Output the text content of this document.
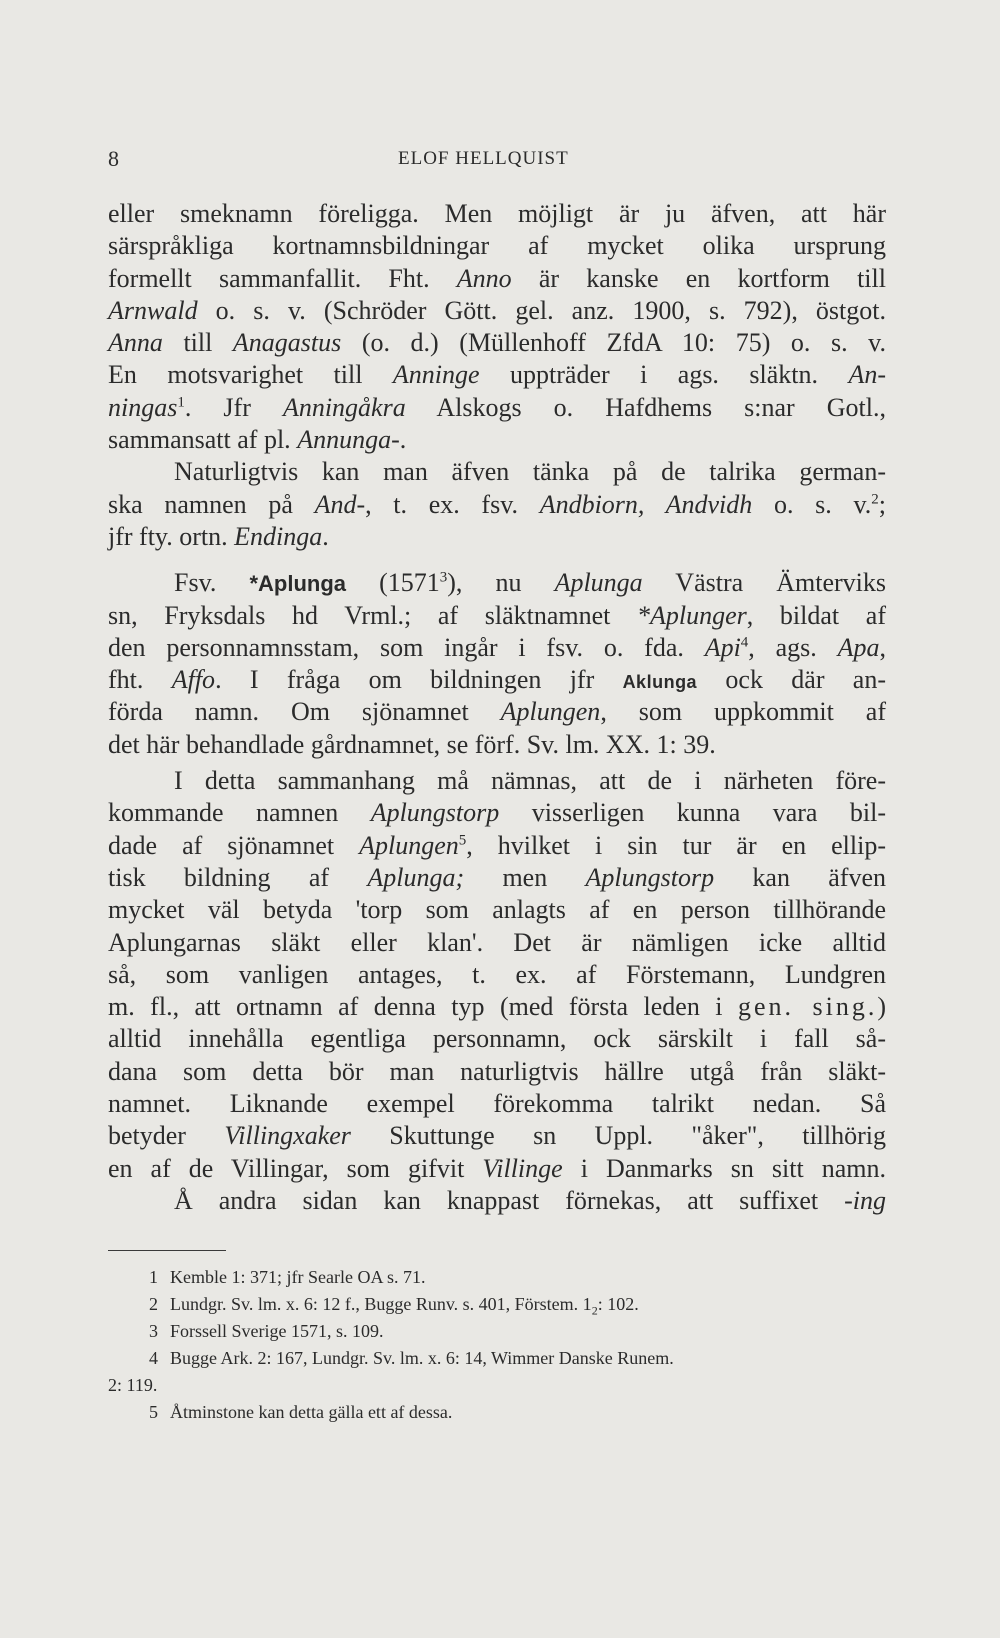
8	ELOF HELLQUIST
eller smeknamn föreligga. Men möjligt är ju äfven, att här
särspråkliga kortnamnsbildningar af mycket olika ursprung
formellt sammanfallit. Fht. Anno är kanske en kortform till
Arnwald o. s. v. (Schröder Gött. gel. anz. 1900, s. 792), östgot.
Anna till Anagastus (o. d.) (Müllenhoff ZfdA 10: 75) o. s. v.
En motsvarighet till Anninge uppträder i ags. släktn. An-
ningas$^1$. Jfr Anningåkra Alskogs o. Hafdhems s:nar Gotl.,
sammansatt af pl. Annunga-.
Naturligtvis kan man äfven tänka på de talrika german-
ska namnen på And-, t. ex. fsv. Andbiorn, Andvidh o. s. v.$^2$;
jfr fty. ortn. Endinga.
Fsv. *Aplunga (1571$^3$), nu Aplunga Västra Ämterviks
sn, Fryksdals hd Vrml.; af släktnamnet *Aplunger, bildat af
den personnamnsstam, som ingår i fsv. o. fda. Api$^4$, ags. Apa,
fht. Affo. I fråga om bildningen jfr Aklunga ock där an-
förda namn. Om sjönamnet Aplungen, som uppkommit af
det här behandlade gårdnamnet, se förf. Sv. lm. XX. 1: 39.
I detta sammanhang må nämnas, att de i närheten före-
kommande namnen Aplungstorp visserligen kunna vara bil-
dade af sjönamnet Aplungen$^5$, hvilket i sin tur är en ellip-
tisk bildning af Aplunga; men Aplungstorp kan äfven
mycket väl betyda 'torp som anlagts af en person tillhörande
Aplungarnas släkt eller klan'. Det är nämligen icke alltid
så, som vanligen antages, t. ex. af Förstemann, Lundgren
m. fl., att ortnamn af denna typ (med första leden i gen. sing.)
alltid innehålla egentliga personnamn, ock särskilt i fall så-
dana som detta bör man naturligtvis hällre utgå från släkt-
namnet. Liknande exempel förekomma talrikt nedan. Så
betyder Villingxaker Skuttunge sn Uppl. "åker", tillhörig
en af de Villingar, som gifvit Villinge i Danmarks sn sitt namn.
Å andra sidan kan knappast förnekas, att suffixet -ing
1 Kemble 1: 371; jfr Searle OA s. 71.
2 Lundgr. Sv. lm. x. 6: 12 f., Bugge Runv. s. 401, Förstem. $1_2$: 102.
3 Forssell Sverige 1571, s. 109.
4 Bugge Ark. 2: 167, Lundgr. Sv. lm. x. 6: 14, Wimmer Danske Runem.
2: 119.
5 Åtminstone kan detta gälla ett af dessa.
